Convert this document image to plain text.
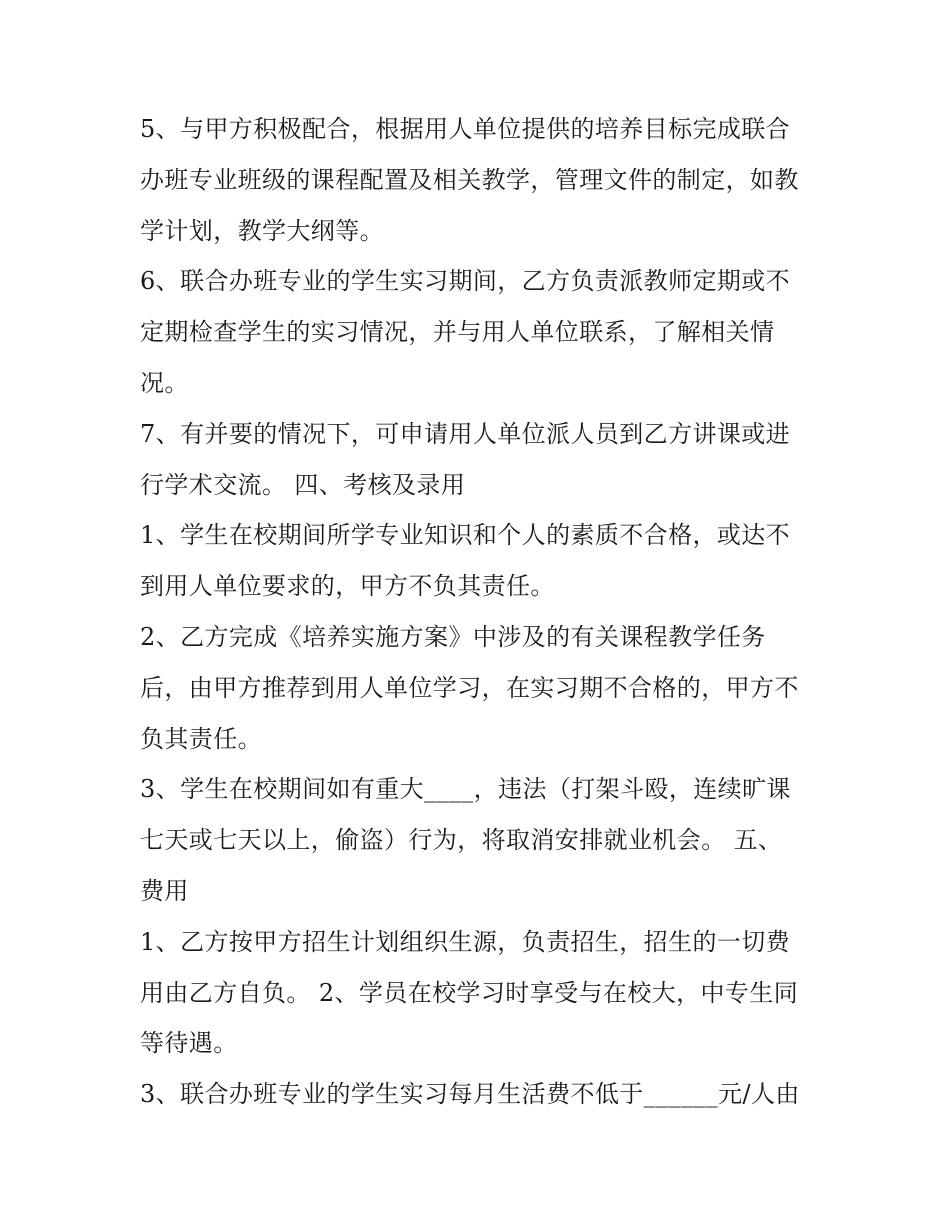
5、与甲方积极配合，根据用人单位提供的培养目标完成联合
办班专业班级的课程配置及相关教学，管理文件的制定，如教
学计划，教学大纲等。
6、联合办班专业的学生实习期间，乙方负责派教师定期或不
定期检查学生的实习情况，并与用人单位联系，了解相关情
况。
7、有并要的情况下，可申请用人单位派人员到乙方讲课或进
行学术交流。 四、考核及录用
1、学生在校期间所学专业知识和个人的素质不合格，或达不
到用人单位要求的，甲方不负其责任。
2、乙方完成《培养实施方案》中涉及的有关课程教学任务
后，由甲方推荐到用人单位学习，在实习期不合格的，甲方不
负其责任。
3、学生在校期间如有重大____，违法（打架斗殴，连续旷课
七天或七天以上，偷盗）行为，将取消安排就业机会。 五、
费用
1、乙方按甲方招生计划组织生源，负责招生，招生的一切费
用由乙方自负。 2、学员在校学习时享受与在校大，中专生同
等待遇。
3、联合办班专业的学生实习每月生活费不低于______元/人由
